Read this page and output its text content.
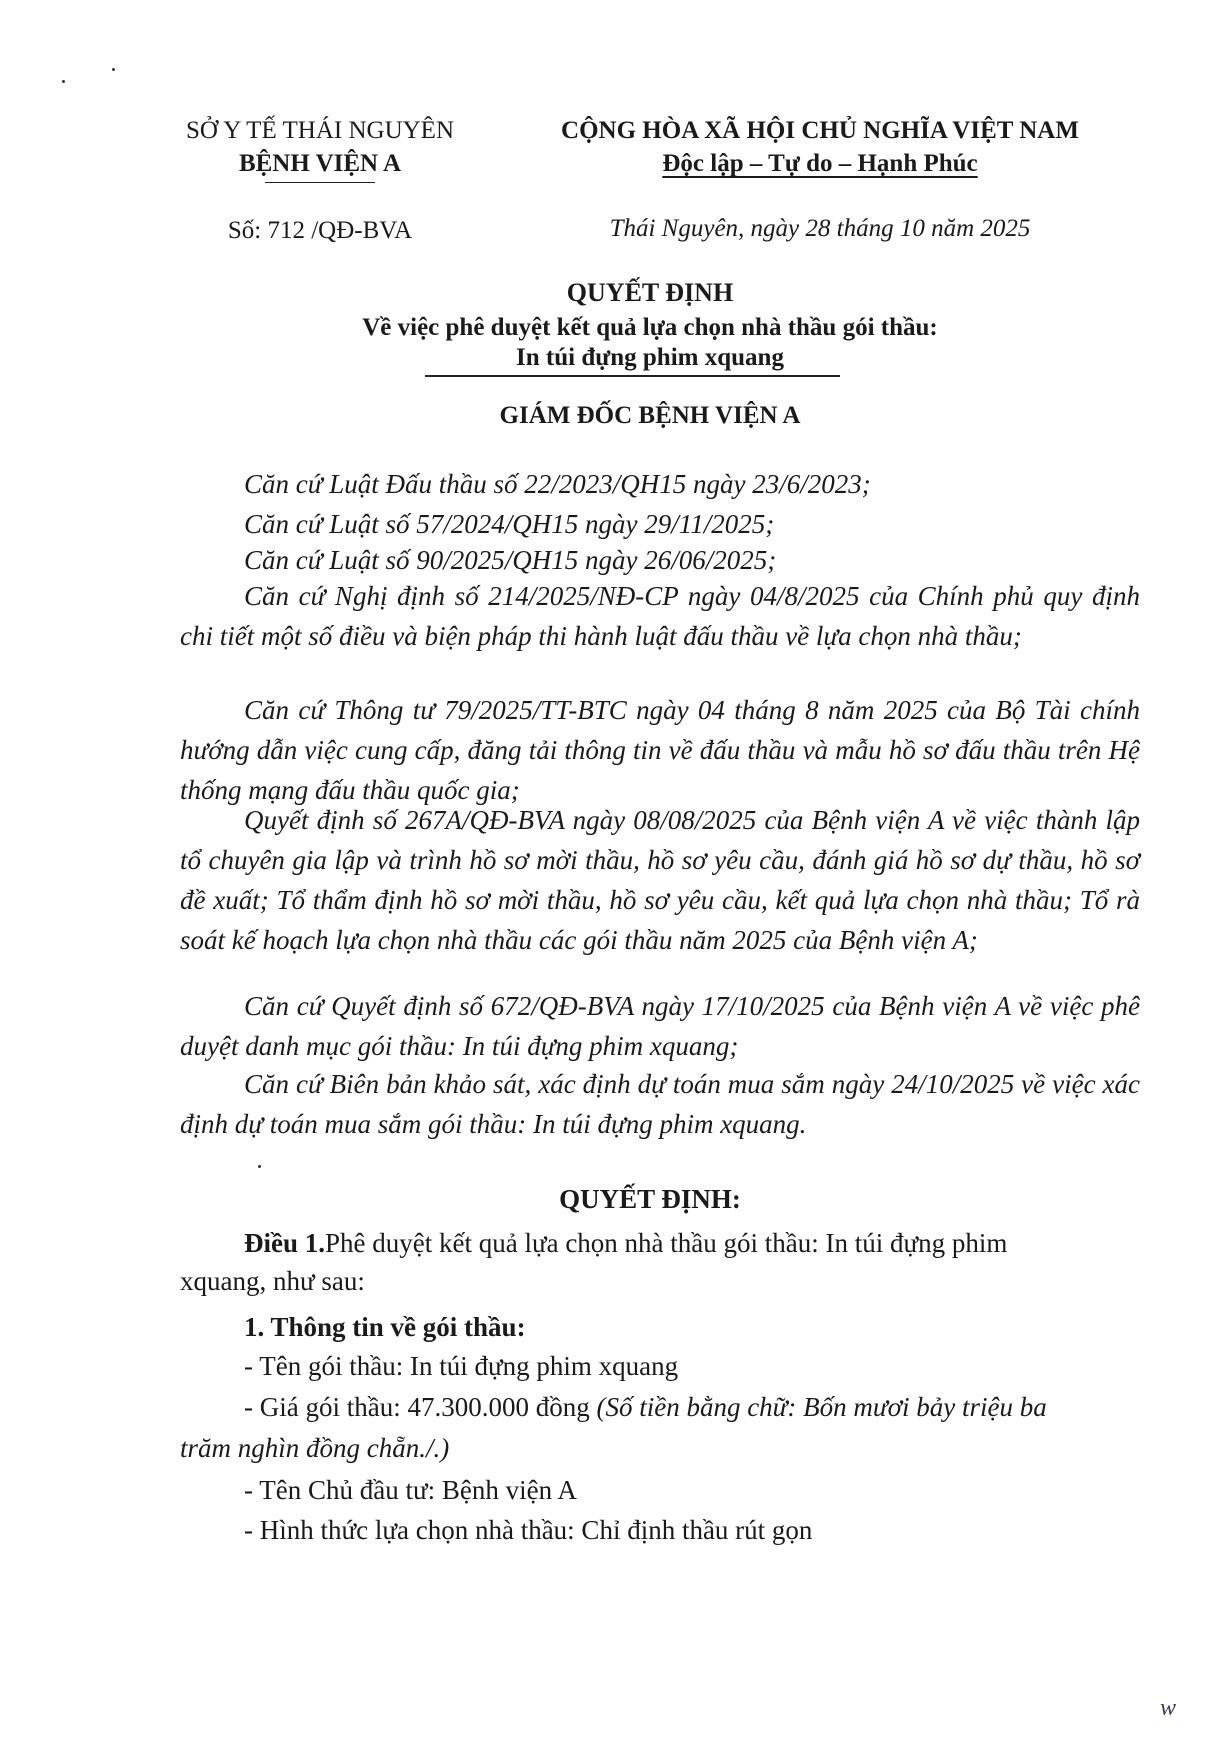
SỞ Y TẾ THÁI NGUYÊN
BỆNH VIỆN A
Số: 712 /QĐ-BVA
CỘNG HÒA XÃ HỘI CHỦ NGHĨA VIỆT NAM
Độc lập – Tự do – Hạnh Phúc
Thái Nguyên, ngày 28 tháng 10 năm 2025
QUYẾT ĐỊNH
Về việc phê duyệt kết quả lựa chọn nhà thầu gói thầu:
In túi đựng phim xquang
GIÁM ĐỐC BỆNH VIỆN A
Căn cứ Luật Đấu thầu số 22/2023/QH15 ngày 23/6/2023;
Căn cứ Luật số 57/2024/QH15 ngày 29/11/2025;
Căn cứ Luật số 90/2025/QH15 ngày 26/06/2025;
Căn cứ Nghị định số 214/2025/NĐ-CP ngày 04/8/2025 của Chính phủ quy định chi tiết một số điều và biện pháp thi hành luật đấu thầu về lựa chọn nhà thầu;
Căn cứ Thông tư 79/2025/TT-BTC ngày 04 tháng 8 năm 2025 của Bộ Tài chính hướng dẫn việc cung cấp, đăng tải thông tin về đấu thầu và mẫu hồ sơ đấu thầu trên Hệ thống mạng đấu thầu quốc gia;
Quyết định số 267A/QĐ-BVA ngày 08/08/2025 của Bệnh viện A về việc thành lập tổ chuyên gia lập và trình hồ sơ mời thầu, hồ sơ yêu cầu, đánh giá hồ sơ dự thầu, hồ sơ đề xuất; Tổ thẩm định hồ sơ mời thầu, hồ sơ yêu cầu, kết quả lựa chọn nhà thầu; Tổ rà soát kế hoạch lựa chọn nhà thầu các gói thầu năm 2025 của Bệnh viện A;
Căn cứ Quyết định số 672/QĐ-BVA ngày 17/10/2025 của Bệnh viện A về việc phê duyệt danh mục gói thầu: In túi đựng phim xquang;
Căn cứ Biên bản khảo sát, xác định dự toán mua sắm ngày 24/10/2025 về việc xác định dự toán mua sắm gói thầu: In túi đựng phim xquang.
QUYẾT ĐỊNH:
Điều 1.Phê duyệt kết quả lựa chọn nhà thầu gói thầu: In túi đựng phim
xquang, như sau:
1. Thông tin về gói thầu:
- Tên gói thầu: In túi đựng phim xquang
- Giá gói thầu: 47.300.000 đồng (Số tiền bằng chữ: Bốn mươi bảy triệu ba
trăm nghìn đồng chẵn./.)
- Tên Chủ đầu tư: Bệnh viện A
- Hình thức lựa chọn nhà thầu: Chỉ định thầu rút gọn
w
